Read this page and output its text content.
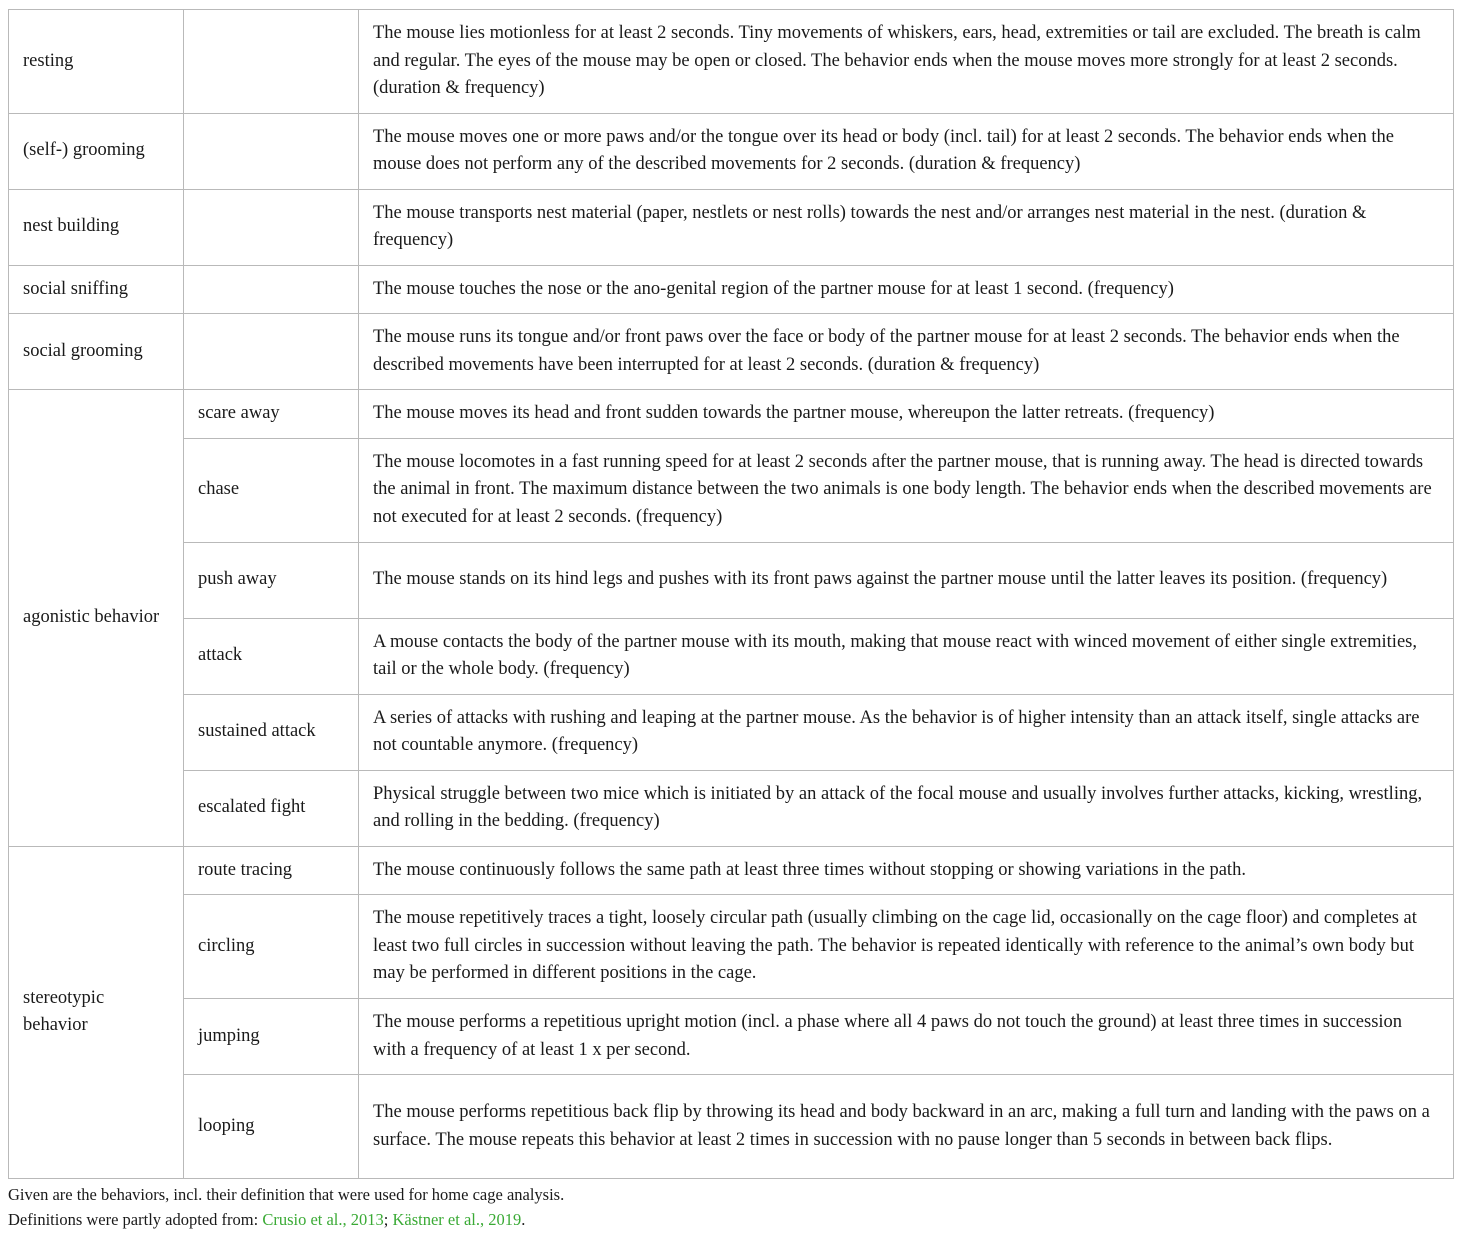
resting		The mouse lies motionless for at least 2 seconds. Tiny movements of whiskers, ears, head, extremities or tail are excluded. The breath is calm and regular. The eyes of the mouse may be open or closed. The behavior ends when the mouse moves more strongly for at least 2 seconds. (duration & frequency)
(self-) grooming		The mouse moves one or more paws and/or the tongue over its head or body (incl. tail) for at least 2 seconds. The behavior ends when the mouse does not perform any of the described movements for 2 seconds. (duration & frequency)
nest building		The mouse transports nest material (paper, nestlets or nest rolls) towards the nest and/or arranges nest material in the nest. (duration & frequency)
social sniffing		The mouse touches the nose or the ano-genital region of the partner mouse for at least 1 second. (frequency)
social grooming		The mouse runs its tongue and/or front paws over the face or body of the partner mouse for at least 2 seconds. The behavior ends when the described movements have been interrupted for at least 2 seconds. (duration & frequency)
agonistic behavior	scare away	The mouse moves its head and front sudden towards the partner mouse, whereupon the latter retreats. (frequency)
	chase	The mouse locomotes in a fast running speed for at least 2 seconds after the partner mouse, that is running away. The head is directed towards the animal in front. The maximum distance between the two animals is one body length. The behavior ends when the described movements are not executed for at least 2 seconds. (frequency)
	push away	The mouse stands on its hind legs and pushes with its front paws against the partner mouse until the latter leaves its position. (frequency)
	attack	A mouse contacts the body of the partner mouse with its mouth, making that mouse react with winced movement of either single extremities, tail or the whole body. (frequency)
	sustained attack	A series of attacks with rushing and leaping at the partner mouse. As the behavior is of higher intensity than an attack itself, single attacks are not countable anymore. (frequency)
	escalated fight	Physical struggle between two mice which is initiated by an attack of the focal mouse and usually involves further attacks, kicking, wrestling, and rolling in the bedding. (frequency)
stereotypic behavior	route tracing	The mouse continuously follows the same path at least three times without stopping or showing variations in the path.
	circling	The mouse repetitively traces a tight, loosely circular path (usually climbing on the cage lid, occasionally on the cage floor) and completes at least two full circles in succession without leaving the path. The behavior is repeated identically with reference to the animal’s own body but may be performed in different positions in the cage.
	jumping	The mouse performs a repetitious upright motion (incl. a phase where all 4 paws do not touch the ground) at least three times in succession with a frequency of at least 1 x per second.
	looping	The mouse performs repetitious back flip by throwing its head and body backward in an arc, making a full turn and landing with the paws on a surface. The mouse repeats this behavior at least 2 times in succession with no pause longer than 5 seconds in between back flips.
Given are the behaviors, incl. their definition that were used for home cage analysis.
Definitions were partly adopted from: Crusio et al., 2013; Kästner et al., 2019.
